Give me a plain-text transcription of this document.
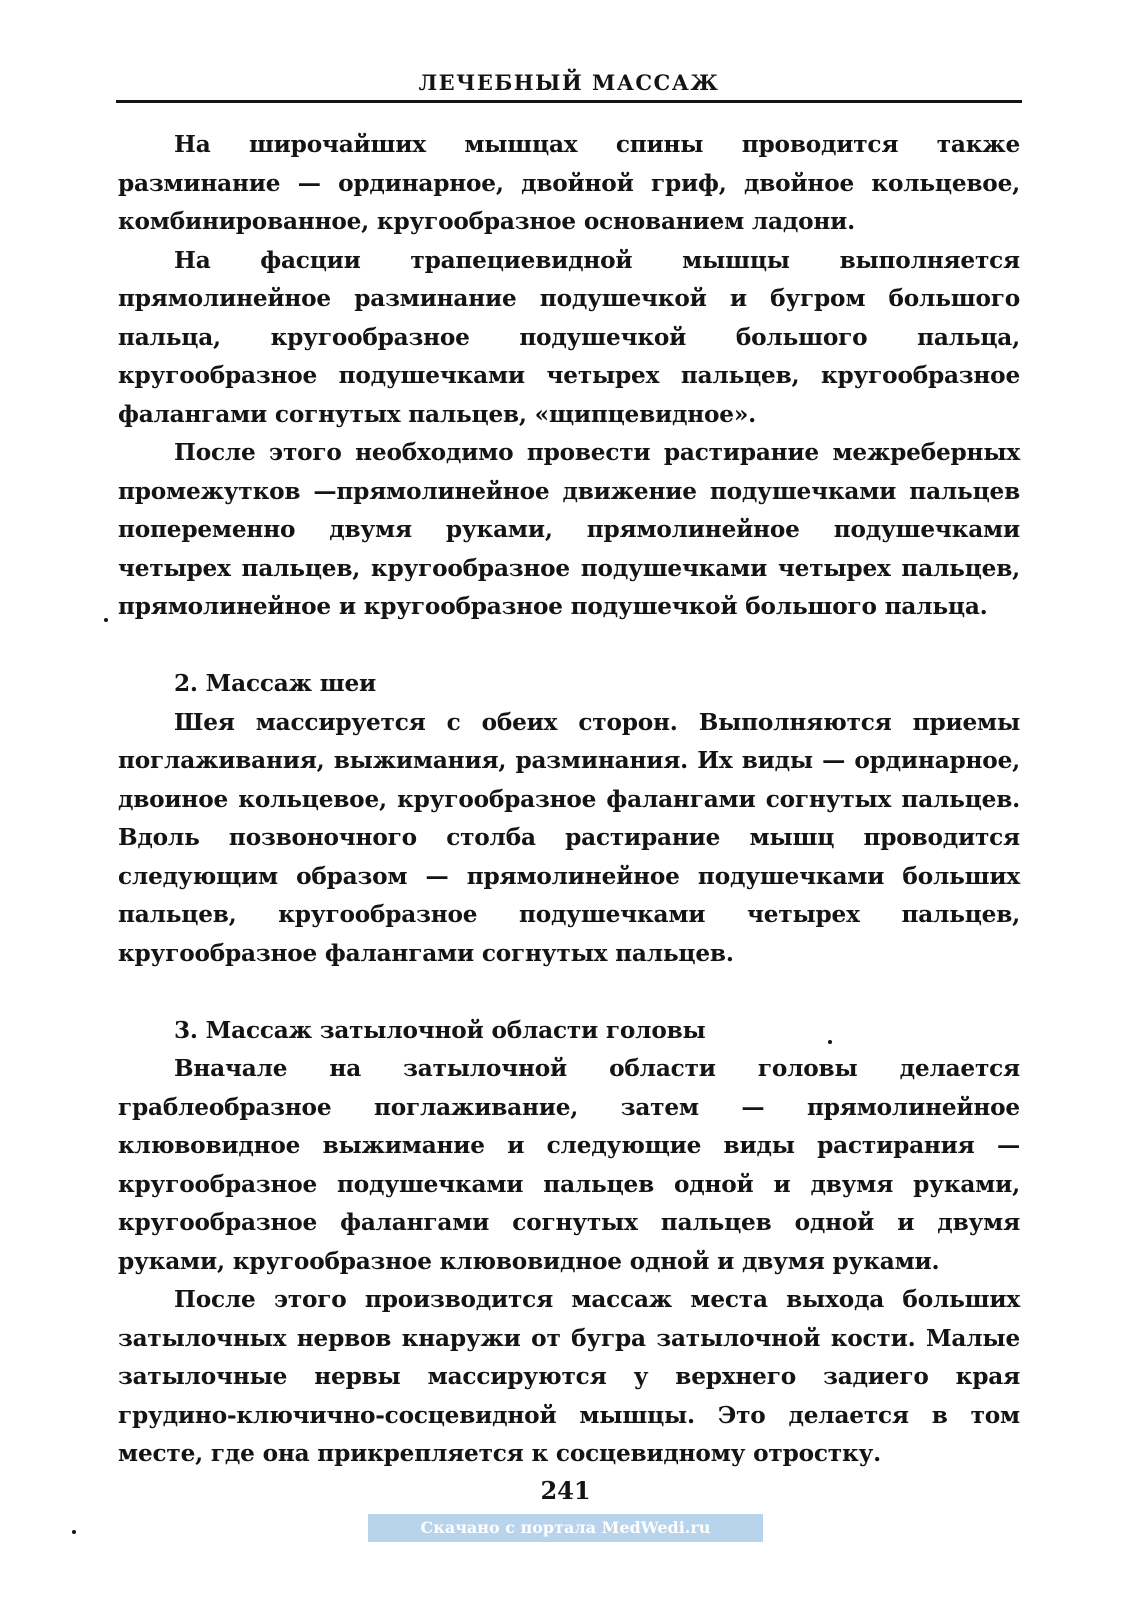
ЛЕЧЕБНЫЙ МАССАЖ

На широчайших мышцах спины проводится также разминание — ординарное, двойной гриф, двойное кольцевое, комбинированное, кругообразное основанием ладони.

На фасции трапециевидной мышцы выполняется прямолинейное разминание подушечкой и бугром большого пальца, кругообразное подушечкой большого пальца, кругообразное подушечками четырех пальцев, кругообразное фалангами согнутых пальцев, «щипцевидное».

После этого необходимо провести растирание межреберных промежутков —прямолинейное движение подушечками пальцев попеременно двумя руками, прямолинейное подушечками четырех пальцев, кругообразное подушечками четырех пальцев, прямолинейное и кругообразное подушечкой большого пальца.

2. Массаж шеи

Шея массируется с обеих сторон. Выполняются приемы поглаживания, выжимания, разминания. Их виды — ординарное, двоиное кольцевое, кругообразное фалангами согнутых пальцев. Вдоль позвоночного столба растирание мышц проводится следующим образом — прямолинейное подушечками больших пальцев, кругообразное подушечками четырех пальцев, кругообразное фалангами согнутых пальцев.

3. Массаж затылочной области головы

Вначале на затылочной области головы делается граблеобразное поглаживание, затем — прямолинейное клювовидное выжимание и следующие виды растирания — кругообразное подушечками пальцев одной и двумя руками, кругообразное фалангами согнутых пальцев одной и двумя руками, кругообразное клювовидное одной и двумя руками.

После этого производится массаж места выхода больших затылочных нервов кнаружи от бугра затылочной кости. Малые затылочные нервы массируются у верхнего задиего края грудино-ключично-сосцевидной мышцы. Это делается в том месте, где она прикрепляется к сосцевидному отростку.

241
Скачано с портала MedWedi.ru
